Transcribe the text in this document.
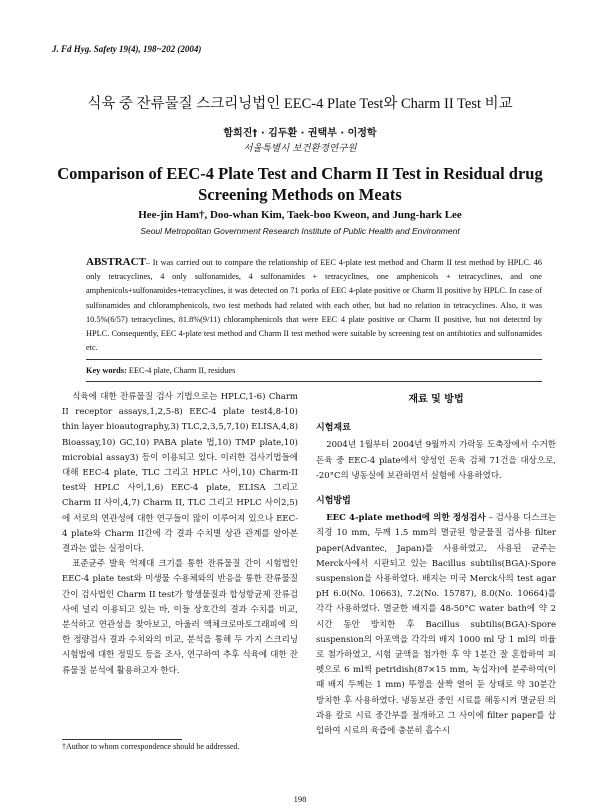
J. Fd Hyg. Safety 19(4), 198~202 (2004)
식육 중 잔류물질 스크리닝법인 EEC-4 Plate Test와 Charm II Test 비교
함희진† · 김두환 · 권택부 · 이정학
서울특별시 보건환경연구원
Comparison of EEC-4 Plate Test and Charm II Test in Residual drug Screening Methods on Meats
Hee-jin Ham†, Doo-whan Kim, Taek-boo Kweon, and Jung-hark Lee
Seoul Metropolitan Government Research Institute of Public Health and Environment
ABSTRACT– It was carried out to compare the relationship of EEC 4-plate test method and Charm II test method by HPLC. 46 only tetracyclines, 4 only sulfonamides, 4 sulfonamides + tetracyclines, one amphenicols + tetracyclines, and one amphenicols+sulfonamides+tetracyclines, it was detected on 71 porks of EEC 4-plate positive or Charm II positive by HPLC. In case of sulfonamides and chloramphenicols, two test methods had related with each other, but had no relation in tetracyclines. Also, it was 10.5%(6/57) tetracyclines, 81.8%(9/11) chloramphenicols that were EEC 4 plate positive or Charm II positive, but not detectrd by HPLC. Consequently, EEC 4-plate test method and Charm II test method were suitable by screening test on antibiotics and sulfonamides etc.
Key words: EEC-4 plate, Charm II, residues

식육에 대한 잔류물질 검사 기법으로는 HPLC,1-6) Charm II receptor assays,1,2,5-8) EEC-4 plate test4,8-10) thin layer bioautography,3) TLC,2,3,5,7,10) ELISA,4,8) Bioassay,10) GC,10) PABA plate 법,10) TMP plate,10) microbial assay3) 등이 이용되고 있다. 이러한 검사기법들에 대해 EEC-4 plate, TLC 그리고 HPLC 사이,10) Charm-II test와 HPLC 사이,1,6) EEC-4 plate, ELISA 그리고 Charm II 사이,4,7) Charm II, TLC 그리고 HPLC 사이2,5)에 서로의 연관성에 대한 연구들이 많이 이루어져 있으나 EEC-4 plate와 Charm II간에 각 결과 수치별 상관 관계를 알아본 결과는 없는 실정이다.

표준균주 발육 억제대 크기를 통한 잔류물질 간이 시험법인 EEC-4 plate test와 미생물 수용체와의 반응을 통한 잔류물질 간이 검사법인 Charm II test가 항생물질과 합성항균제 잔류검사에 널리 이용되고 있는 바, 이들 상호간의 결과 수치를 비교, 분석하고 연관성을 찾아보고, 아울러 액체크로마토그래피에 의한 정량검사 결과 수치와의 비교, 분석을 통해 두 가지 스크리닝 시험법에 대한 정밀도 등을 조사, 연구하여 추후 식육에 대한 잔류물질 분석에 활용하고자 한다.

재료 및 방법
시험재료

2004년 1월부터 2004년 9월까지 가락동 도축장에서 수거한 돈육 중 EEC-4 plate에서 양성인 돈육 검체 71건을 대상으로, -20°C의 냉동실에 보관하면서 실험에 사용하였다.

시험방법

EEC 4-plate method에 의한 정성검사 – 검사용 디스크는 직경 10 mm, 두께 1.5 mm의 멸균된 항균물질 검사용 filter paper(Advantec, Japan)를 사용하였고, 사용된 균주는 Merck사에서 시판되고 있는 Bacillus subtilis(BGA)-Spore suspension을 사용하였다. 배지는 미국 Merck사의 test agar pH 6.0(No. 10663), 7.2(No. 15787), 8.0(No. 10664)를 각각 사용하였다. 멸균한 배지를 48-50°C water bath에 약 2시간 동안 방치한 후 Bacillus subtilis(BGA)-Spore suspension의 아포액을 각각의 배지 1000 ml 당 1 ml의 비율로 첨가하였고, 시험 균액을 첨가한 후 약 1분간 잘 혼합하여 피펫으로 6 ml씩 petridish(87×15 mm, 녹십자)에 분주하여(이때 배지 두께는 1 mm) 뚜껑을 살짝 열어 둔 상태로 약 30분간 방치한 후 사용하였다. 냉동보관 중인 시료를 해동시켜 멸균된 의과용 칼로 시료 중간부를 절개하고 그 사이에 filter paper를 삽입하여 시료의 육즙에 충분히 흡수시

†Author to whom correspondence should be addressed.
198
